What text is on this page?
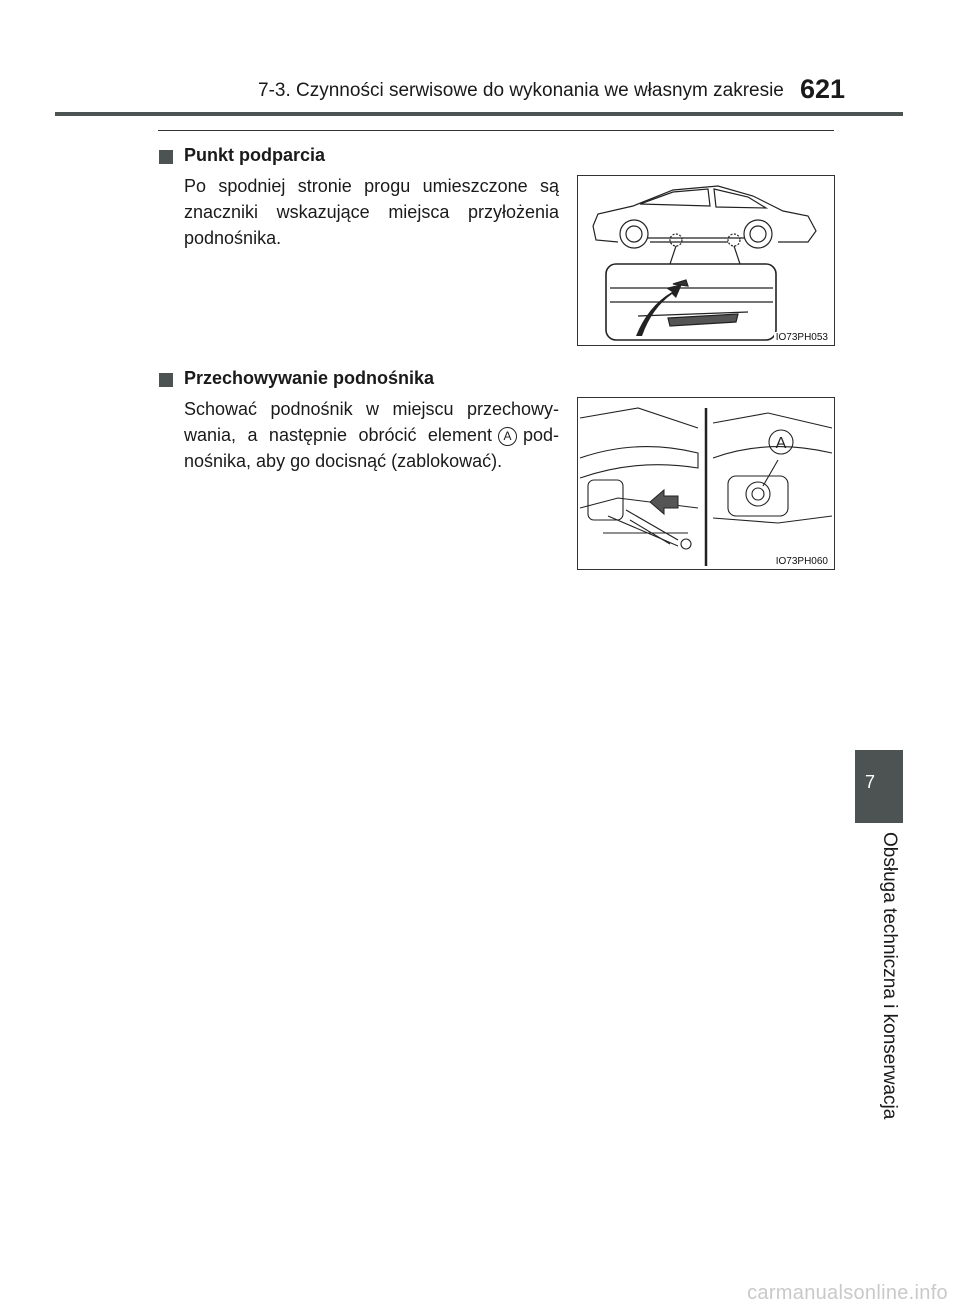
7-3. Czynności serwisowe do wykonania we własnym zakresie 621
Punkt podparcia
Po spodniej stronie progu umieszczone są znaczniki wskazujące miejsca przyłożenia podnośnika.
IO73PH053
Przechowywanie podnośnika
Schować podnośnik w miejscu przechowy-wania, a następnie obrócić element A pod-nośnika, aby go docisnąć (zablokować).
A
IO73PH060
7
Obsługa techniczna i konserwacja
carmanualsonline.info
